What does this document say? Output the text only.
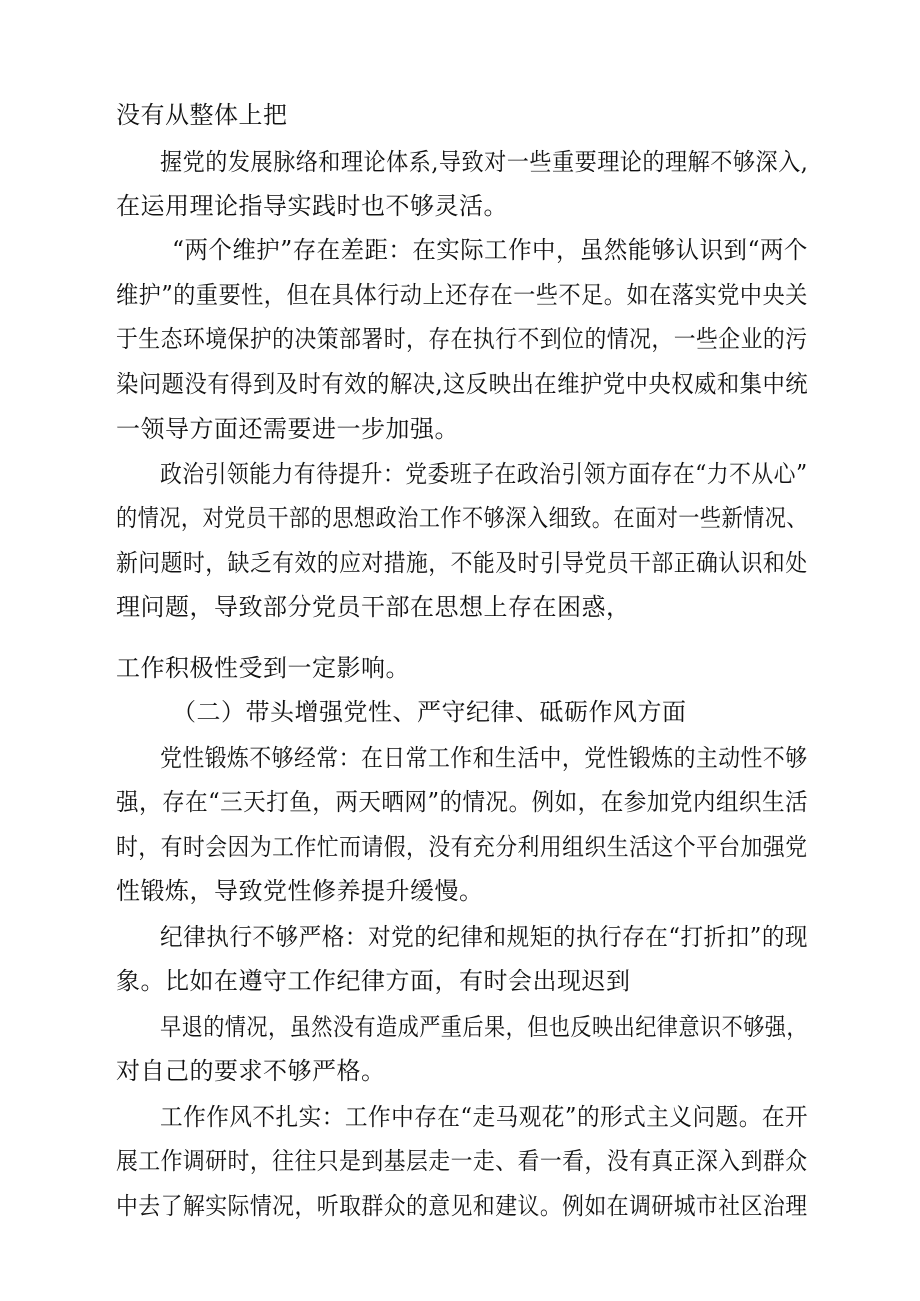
没有从整体上把
握党的发展脉络和理论体系,导致对一些重要理论的理解不够深入,
在运用理论指导实践时也不够灵活。
“两个维护”存在差距：在实际工作中，虽然能够认识到“两个
维护”的重要性，但在具体行动上还存在一些不足。如在落实党中央关
于生态环境保护的决策部署时，存在执行不到位的情况，一些企业的污
染问题没有得到及时有效的解决,这反映出在维护党中央权威和集中统
一领导方面还需要进一步加强。
政治引领能力有待提升：党委班子在政治引领方面存在“力不从心”
的情况，对党员干部的思想政治工作不够深入细致。在面对一些新情况、
新问题时，缺乏有效的应对措施，不能及时引导党员干部正确认识和处
理问题，导致部分党员干部在思想上存在困惑，
工作积极性受到一定影响。
（二）带头增强党性、严守纪律、砥砺作风方面
党性锻炼不够经常：在日常工作和生活中，党性锻炼的主动性不够
强，存在“三天打鱼，两天晒网”的情况。例如，在参加党内组织生活
时，有时会因为工作忙而请假，没有充分利用组织生活这个平台加强党
性锻炼，导致党性修养提升缓慢。
纪律执行不够严格：对党的纪律和规矩的执行存在“打折扣”的现
象。比如在遵守工作纪律方面，有时会出现迟到
早退的情况，虽然没有造成严重后果，但也反映出纪律意识不够强，
对自己的要求不够严格。
工作作风不扎实：工作中存在“走马观花”的形式主义问题。在开
展工作调研时，往往只是到基层走一走、看一看，没有真正深入到群众
中去了解实际情况，听取群众的意见和建议。例如在调研城市社区治理
